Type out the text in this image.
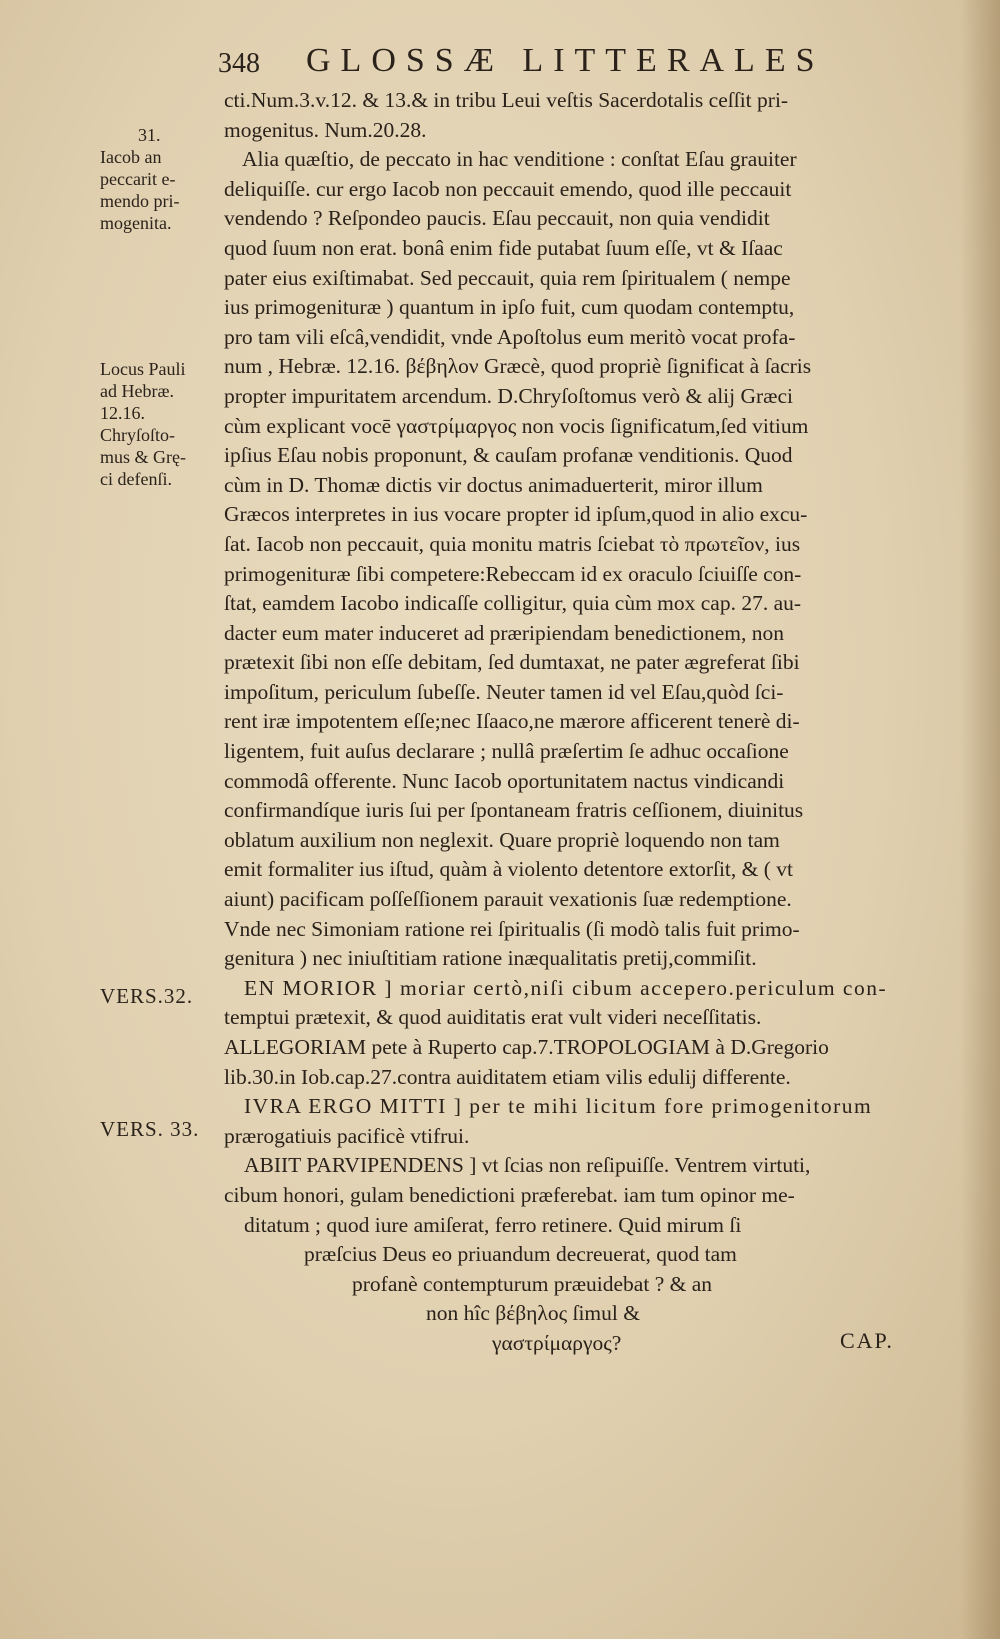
348 GLOSSÆ LITTERALES
31.
Iacob an
peccarit e-
mendo pri-
mogenita.
Locus Pauli
ad Hebræ.
12.16.
Chryſoſto-
mus & Grę-
ci defenſi.
VERS.32.
VERS. 33.
cti.Num.3.v.12. & 13.& in tribu Leui veſtis Sacerdotalis ceſſit pri-
mogenitus. Num.20.28.
Alia quæſtio, de peccato in hac venditione : conſtat Eſau grauiter
deliquiſſe. cur ergo Iacob non peccauit emendo, quod ille peccauit
vendendo ? Reſpondeo paucis. Eſau peccauit, non quia vendidit
quod ſuum non erat. bonâ enim fide putabat ſuum eſſe, vt & Iſaac
pater eius exiſtimabat. Sed peccauit, quia rem ſpiritualem ( nempe
ius primogenituræ ) quantum in ipſo fuit, cum quodam contemptu,
pro tam vili eſcâ,vendidit, vnde Apoſtolus eum meritò vocat profa-
num , Hebræ. 12.16. βέβηλον Græcè, quod propriè ſignificat à ſacris
propter impuritatem arcendum. D.Chryſoſtomus verò & alij Græci
cùm explicant vocē γαστρίμαργος non vocis ſignificatum,ſed vitium
ipſius Eſau nobis proponunt, & cauſam profanæ venditionis. Quod
cùm in D. Thomæ dictis vir doctus animaduerterit, miror illum
Græcos interpretes in ius vocare propter id ipſum,quod in alio excu-
ſat. Iacob non peccauit, quia monitu matris ſciebat τὸ πρωτεῖον, ius
primogenituræ ſibi competere:Rebeccam id ex oraculo ſciuiſſe con-
ſtat, eamdem Iacobo indicaſſe colligitur, quia cùm mox cap. 27. au-
dacter eum mater induceret ad præripiendam benedictionem, non
prætexit ſibi non eſſe debitam, ſed dumtaxat, ne pater ægreferat ſibi
impoſitum, periculum ſubeſſe. Neuter tamen id vel Eſau,quòd ſci-
rent iræ impotentem eſſe;nec Iſaaco,ne mærore afficerent tenerè di-
ligentem, fuit auſus declarare ; nullâ præſertim ſe adhuc occaſione
commodâ offerente. Nunc Iacob oportunitatem nactus vindicandi
confirmandíque iuris ſui per ſpontaneam fratris ceſſionem, diuinitus
oblatum auxilium non neglexit. Quare propriè loquendo non tam
emit formaliter ius iſtud, quàm à violento detentore extorſit, & ( vt
aiunt) pacificam poſſeſſionem parauit vexationis ſuæ redemptione.
Vnde nec Simoniam ratione rei ſpiritualis (ſi modò talis fuit primo-
genitura ) nec iniuſtitiam ratione inæqualitatis pretij,commiſit.
EN MORIOR ] moriar certò,niſi cibum accepero.periculum con-
temptui prætexit, & quod auiditatis erat vult videri neceſſitatis.
ALLEGORIAM pete à Ruperto cap.7.TROPOLOGIAM à D.Gregorio
lib.30.in Iob.cap.27.contra auiditatem etiam vilis edulij differente.
IVRA ERGO MITTI ] per te mihi licitum fore primogenitorum
prærogatiuis pacificè vtifrui.
ABIIT PARVIPENDENS ] vt ſcias non reſipuiſſe. Ventrem virtuti,
cibum honori, gulam benedictioni præferebat. iam tum opinor me-
ditatum ; quod iure amiſerat, ferro retinere. Quid mirum ſi
præſcius Deus eo priuandum decreuerat, quod tam
profanè contempturum præuidebat ? & an
non hîc βέβηλος ſimul &
γαστρίμαργος?	CAP.
